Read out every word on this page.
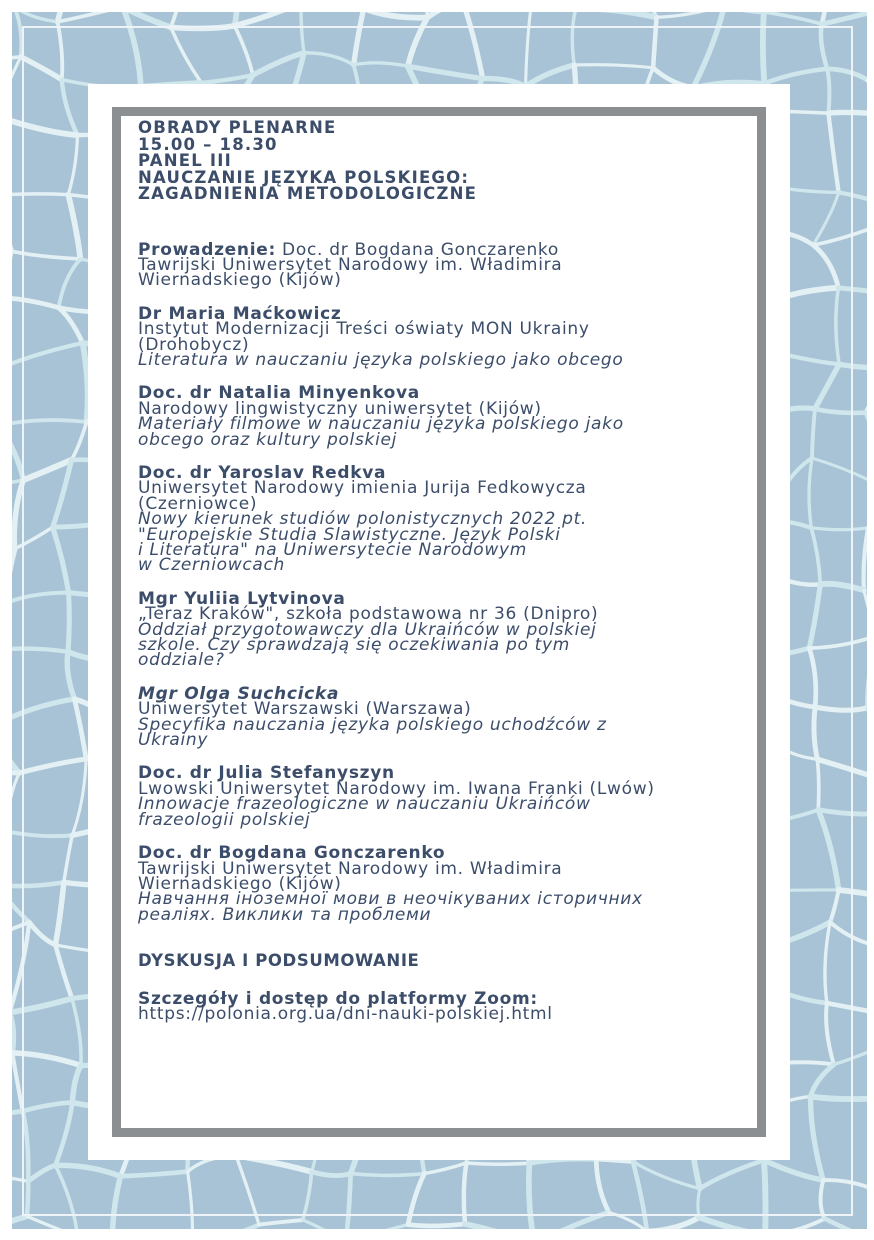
OBRADY PLENARNE
15.00 – 18.30
PANEL III
NAUCZANIE JĘZYKA POLSKIEGO:
ZAGADNIENIA METODOLOGICZNE
Prowadzenie: Doc. dr Bogdana Gonczarenko
Tawrijski Uniwersytet Narodowy im. Władimira
Wiernadskiego (Kijów)
Dr Maria Maćkowicz
Instytut Modernizacji Treści oświaty MON Ukrainy
(Drohobycz)
Literatura w nauczaniu języka polskiego jako obcego
Doc. dr Natalia Minyenkova
Narodowy lingwistyczny uniwersytet (Kijów)
Materiały filmowe w nauczaniu języka polskiego jako
obcego oraz kultury polskiej
Doc. dr Yaroslav Redkva
Uniwersytet Narodowy imienia Jurija Fedkowycza
(Czerniowce)
Nowy kierunek studiów polonistycznych 2022 pt.
"Europejskie Studia Slawistyczne. Język Polski
i Literatura" na Uniwersytecie Narodowym
w Czerniowcach
Mgr Yuliia Lytvinova
„Teraz Kraków", szkoła podstawowa nr 36 (Dnipro)
Oddział przygotowawczy dla Ukraińców w polskiej
szkole. Czy sprawdzają się oczekiwania po tym
oddziale?
Mgr Olga Suchcicka
Uniwersytet Warszawski (Warszawa)
Specyfika nauczania języka polskiego uchodźców z
Ukrainy
Doc. dr Julia Stefanyszyn
Lwowski Uniwersytet Narodowy im. Iwana Franki (Lwów)
Innowacje frazeologiczne w nauczaniu Ukraińców
frazeologii polskiej
Doc. dr Bogdana Gonczarenko
Tawrijski Uniwersytet Narodowy im. Władimira
Wiernadskiego (Kijów)
Навчання іноземної мови в неочікуваних історичних
реаліях. Виклики та проблеми
DYSKUSJA I PODSUMOWANIE
Szczegóły i dostęp do platformy Zoom:
https://polonia.org.ua/dni-nauki-polskiej.html
